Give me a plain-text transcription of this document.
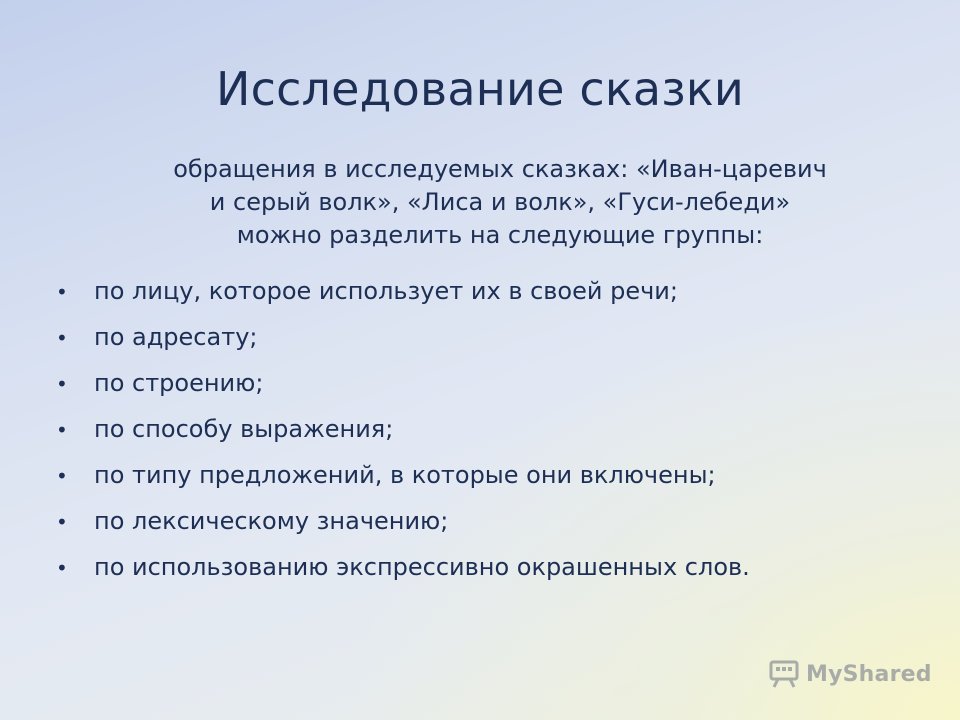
Исследование сказки
обращения в исследуемых сказках: «Иван-царевич
и серый волк», «Лиса и волк», «Гуси-лебеди»
можно разделить на следующие группы:
•	по лицу, которое использует их в своей речи;
•	по адресату;
•	по строению;
•	по способу выражения;
•	по типу предложений, в которые они включены;
•	по лексическому значению;
•	по использованию экспрессивно окрашенных слов.
MyShared
